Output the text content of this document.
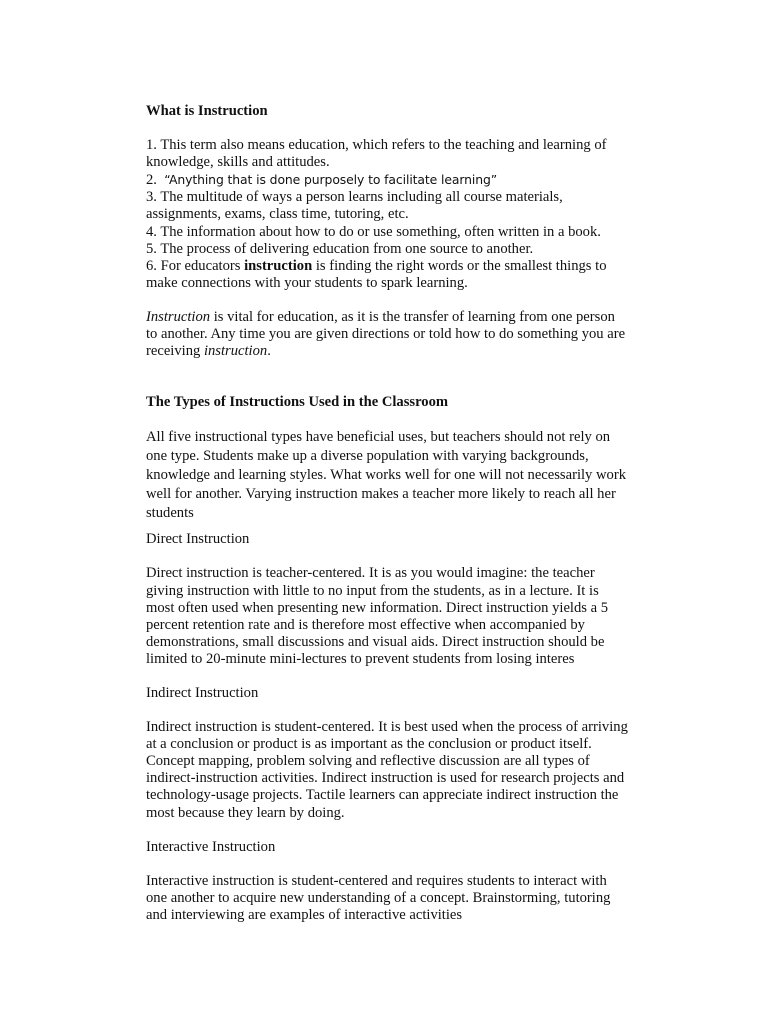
What is Instruction

1. This term also means education, which refers to the teaching and learning of
knowledge, skills and attitudes.
2. “Anything that is done purposely to facilitate learning”
3. The multitude of ways a person learns including all course materials,
assignments, exams, class time, tutoring, etc.
4. The information about how to do or use something, often written in a book.
5. The process of delivering education from one source to another.
6. For educators instruction is finding the right words or the smallest things to
make connections with your students to spark learning.
Instruction is vital for education, as it is the transfer of learning from one person
to another. Any time you are given directions or told how to do something you are
receiving instruction.

The Types of Instructions Used in the Classroom

All five instructional types have beneficial uses, but teachers should not rely on
one type. Students make up a diverse population with varying backgrounds,
knowledge and learning styles. What works well for one will not necessarily work
well for another. Varying instruction makes a teacher more likely to reach all her
students

Direct Instruction

Direct instruction is teacher-centered. It is as you would imagine: the teacher
giving instruction with little to no input from the students, as in a lecture. It is
most often used when presenting new information. Direct instruction yields a 5
percent retention rate and is therefore most effective when accompanied by
demonstrations, small discussions and visual aids. Direct instruction should be
limited to 20-minute mini-lectures to prevent students from losing interes

Indirect Instruction

Indirect instruction is student-centered. It is best used when the process of arriving
at a conclusion or product is as important as the conclusion or product itself.
Concept mapping, problem solving and reflective discussion are all types of
indirect-instruction activities. Indirect instruction is used for research projects and
technology-usage projects. Tactile learners can appreciate indirect instruction the
most because they learn by doing.

Interactive Instruction

Interactive instruction is student-centered and requires students to interact with
one another to acquire new understanding of a concept. Brainstorming, tutoring
and interviewing are examples of interactive activities
